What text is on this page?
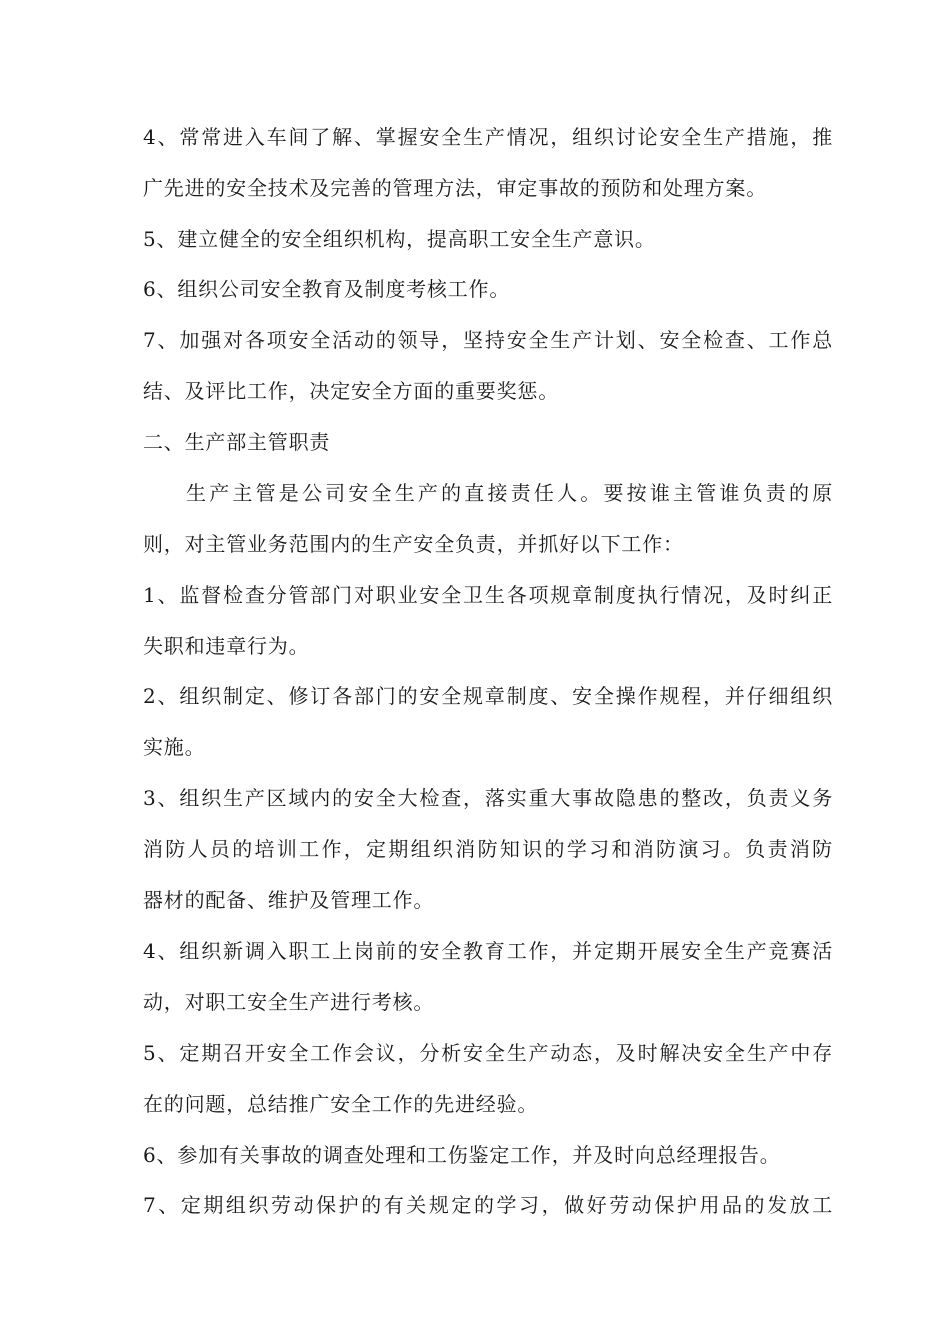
4、常常进入车间了解、掌握安全生产情况，组织讨论安全生产措施，推
广先进的安全技术及完善的管理方法，审定事故的预防和处理方案。
5、建立健全的安全组织机构，提高职工安全生产意识。
6、组织公司安全教育及制度考核工作。
7、加强对各项安全活动的领导，坚持安全生产计划、安全检查、工作总
结、及评比工作，决定安全方面的重要奖惩。
二、生产部主管职责
生产主管是公司安全生产的直接责任人。要按谁主管谁负责的原
则，对主管业务范围内的生产安全负责，并抓好以下工作：
1、监督检查分管部门对职业安全卫生各项规章制度执行情况，及时纠正
失职和违章行为。
2、组织制定、修订各部门的安全规章制度、安全操作规程，并仔细组织
实施。
3、组织生产区域内的安全大检查，落实重大事故隐患的整改，负责义务
消防人员的培训工作，定期组织消防知识的学习和消防演习。负责消防
器材的配备、维护及管理工作。
4、组织新调入职工上岗前的安全教育工作，并定期开展安全生产竞赛活
动，对职工安全生产进行考核。
5、定期召开安全工作会议，分析安全生产动态，及时解决安全生产中存
在的问题，总结推广安全工作的先进经验。
6、参加有关事故的调查处理和工伤鉴定工作，并及时向总经理报告。
7、定期组织劳动保护的有关规定的学习，做好劳动保护用品的发放工
